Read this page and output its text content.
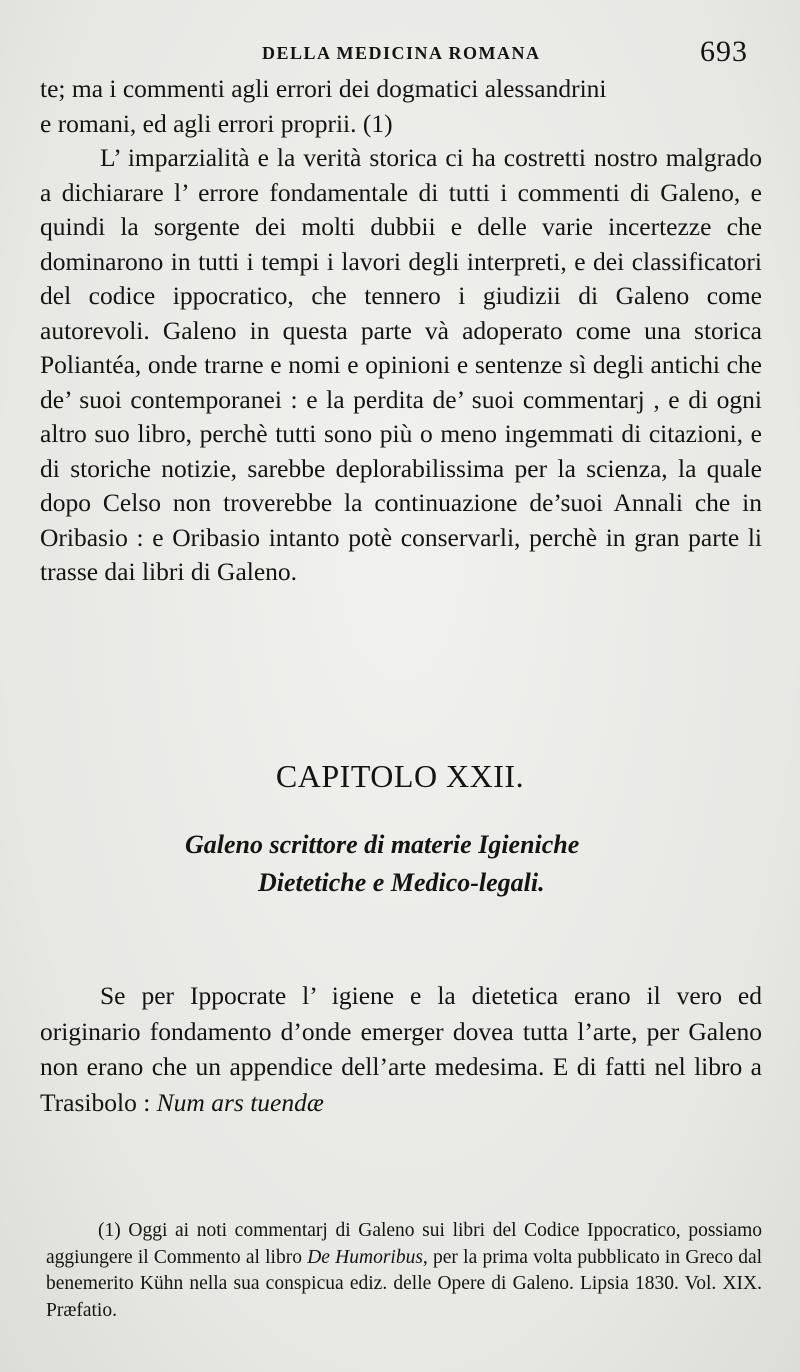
DELLA MEDICINA ROMANA	693

te; ma i commenti agli errori dei dogmatici alessandrini
e romani, ed agli errori proprii. (1)

L’ imparzialità e la verità storica ci ha costretti nostro malgrado a dichiarare l’ errore fondamentale di tutti i commenti di Galeno, e quindi la sorgente dei molti dubbii e delle varie incertezze che dominarono in tutti i tempi i lavori degli interpreti, e dei classificatori del codice ippocratico, che tennero i giudizii di Galeno come autorevoli. Galeno in questa parte và adoperato come una storica Poliantéa, onde trarne e nomi e opinioni e sentenze sì degli antichi che de’ suoi contemporanei : e la perdita de’ suoi commentarj , e di ogni altro suo libro, perchè tutti sono più o meno ingemmati di citazioni, e di storiche notizie, sarebbe deplorabilissima per la scienza, la quale dopo Celso non troverebbe la continuazione de’suoi Annali che in Oribasio : e Oribasio intanto potè conservarli, perchè in gran parte li trasse dai libri di Galeno.

CAPITOLO XXII.
Galeno scrittore di materie Igieniche
Dietetiche e Medico-legali.

Se per Ippocrate l’ igiene e la dietetica erano il vero ed originario fondamento d’onde emerger dovea tutta l’arte, per Galeno non erano che un appendice dell’arte medesima. E di fatti nel libro a Trasibolo : Num ars tuendæ

(1) Oggi ai noti commentarj di Galeno sui libri del Codice Ippocratico, possiamo aggiungere il Commento al libro De Humoribus, per la prima volta pubblicato in Greco dal benemerito Kühn nella sua conspicua ediz. delle Opere di Galeno. Lipsia 1830. Vol. XIX. Præfatio.
